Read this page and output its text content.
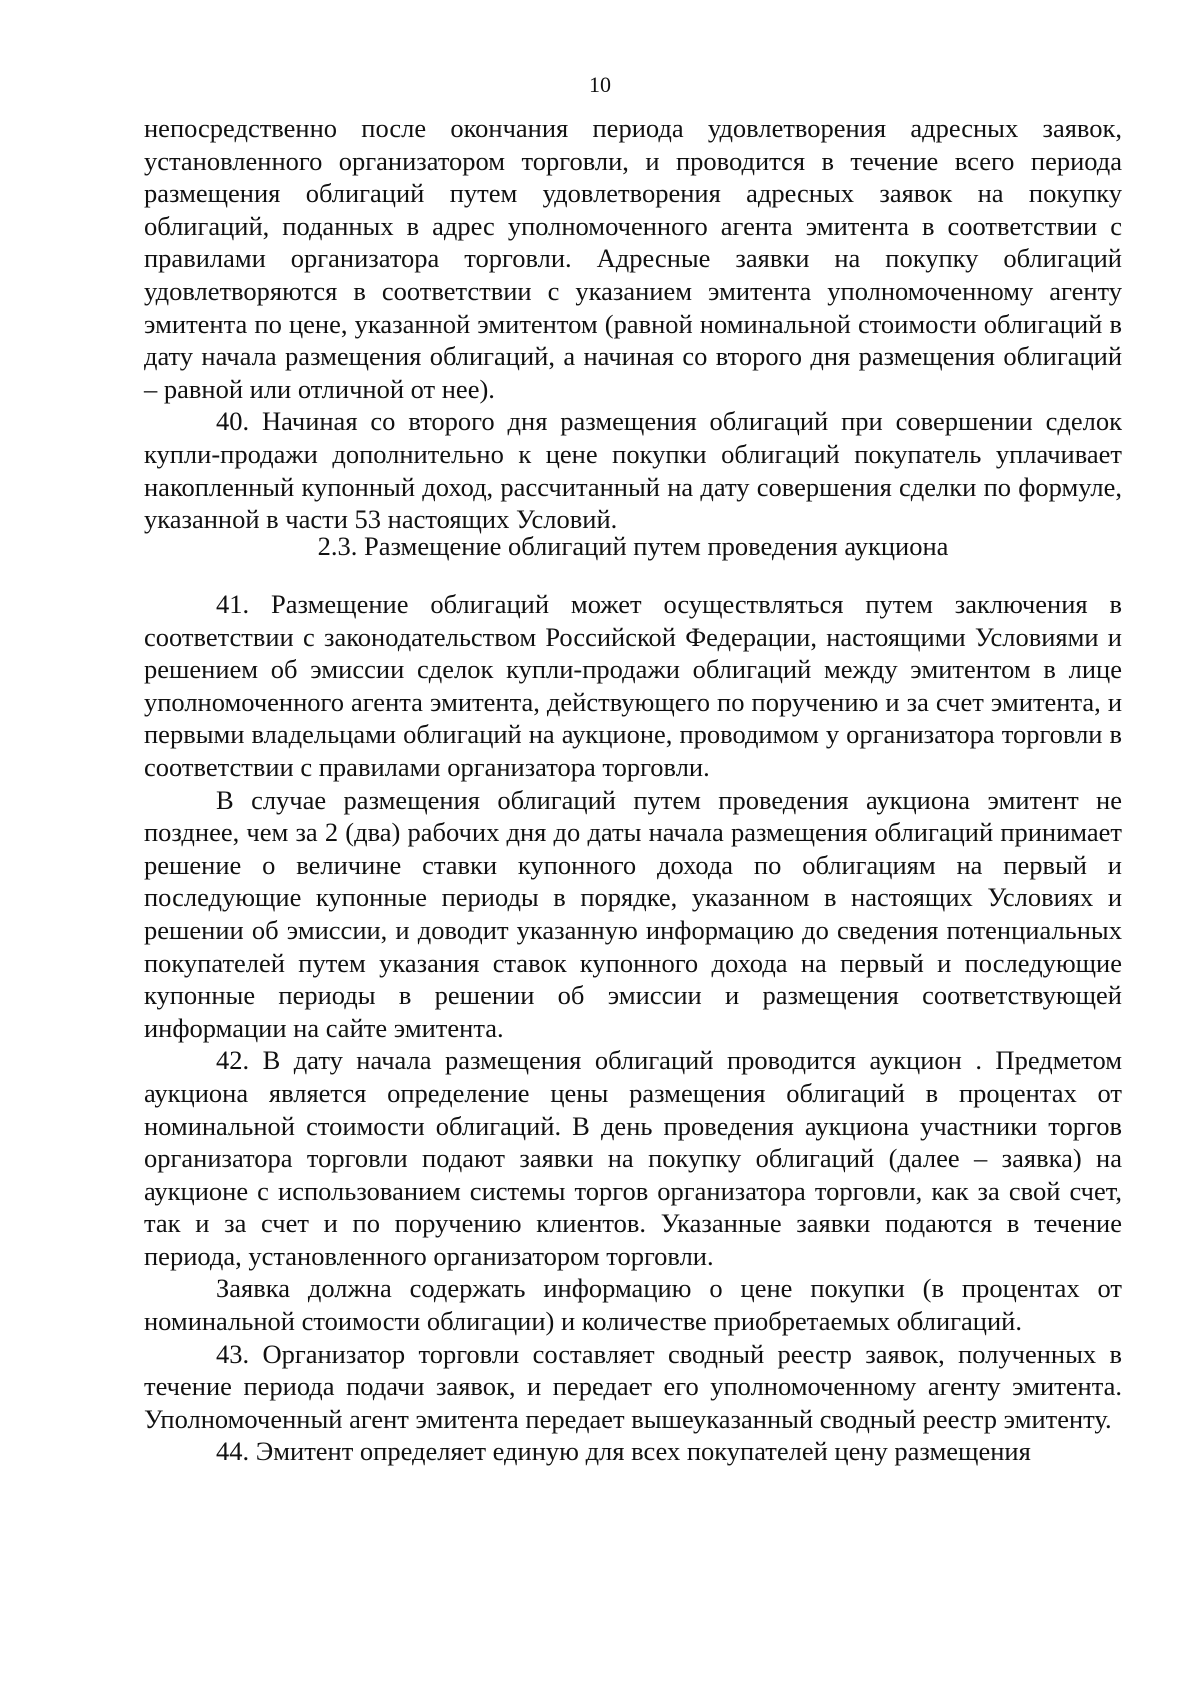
10

непосредственно после окончания периода удовлетворения адресных заявок, установленного организатором торговли, и проводится в течение всего периода размещения облигаций путем удовлетворения адресных заявок на покупку облигаций, поданных в адрес уполномоченного агента эмитента в соответствии с правилами организатора торговли. Адресные заявки на покупку облигаций удовлетворяются в соответствии с указанием эмитента уполномоченному агенту эмитента по цене, указанной эмитентом (равной номинальной стоимости облигаций в дату начала размещения облигаций, а начиная со второго дня размещения облигаций – равной или отличной от нее).

40. Начиная со второго дня размещения облигаций при совершении сделок купли-продажи дополнительно к цене покупки облигаций покупатель уплачивает накопленный купонный доход, рассчитанный на дату совершения сделки по формуле, указанной в части 53 настоящих Условий.

2.3. Размещение облигаций путем проведения аукциона

41. Размещение облигаций может осуществляться путем заключения в соответствии с законодательством Российской Федерации, настоящими Условиями и решением об эмиссии сделок купли-продажи облигаций между эмитентом в лице уполномоченного агента эмитента, действующего по поручению и за счет эмитента, и первыми владельцами облигаций на аукционе, проводимом у организатора торговли в соответствии с правилами организатора торговли.

В случае размещения облигаций путем проведения аукциона эмитент не позднее, чем за 2 (два) рабочих дня до даты начала размещения облигаций принимает решение о величине ставки купонного дохода по облигациям на первый и последующие купонные периоды в порядке, указанном в настоящих Условиях и решении об эмиссии, и доводит указанную информацию до сведения потенциальных покупателей путем указания ставок купонного дохода на первый и последующие купонные периоды в решении об эмиссии и размещения соответствующей информации на сайте эмитента.

42. В дату начала размещения облигаций проводится аукцион . Предметом аукциона является определение цены размещения облигаций в процентах от номинальной стоимости облигаций. В день проведения аукциона участники торгов организатора торговли подают заявки на покупку облигаций (далее – заявка) на аукционе с использованием системы торгов организатора торговли, как за свой счет, так и за счет и по поручению клиентов. Указанные заявки подаются в течение периода, установленного организатором торговли.

Заявка должна содержать информацию о цене покупки (в процентах от номинальной стоимости облигации) и количестве приобретаемых облигаций.

43. Организатор торговли составляет сводный реестр заявок, полученных в течение периода подачи заявок, и передает его уполномоченному агенту эмитента. Уполномоченный агент эмитента передает вышеуказанный сводный реестр эмитенту.

44. Эмитент определяет единую для всех покупателей цену размещения
